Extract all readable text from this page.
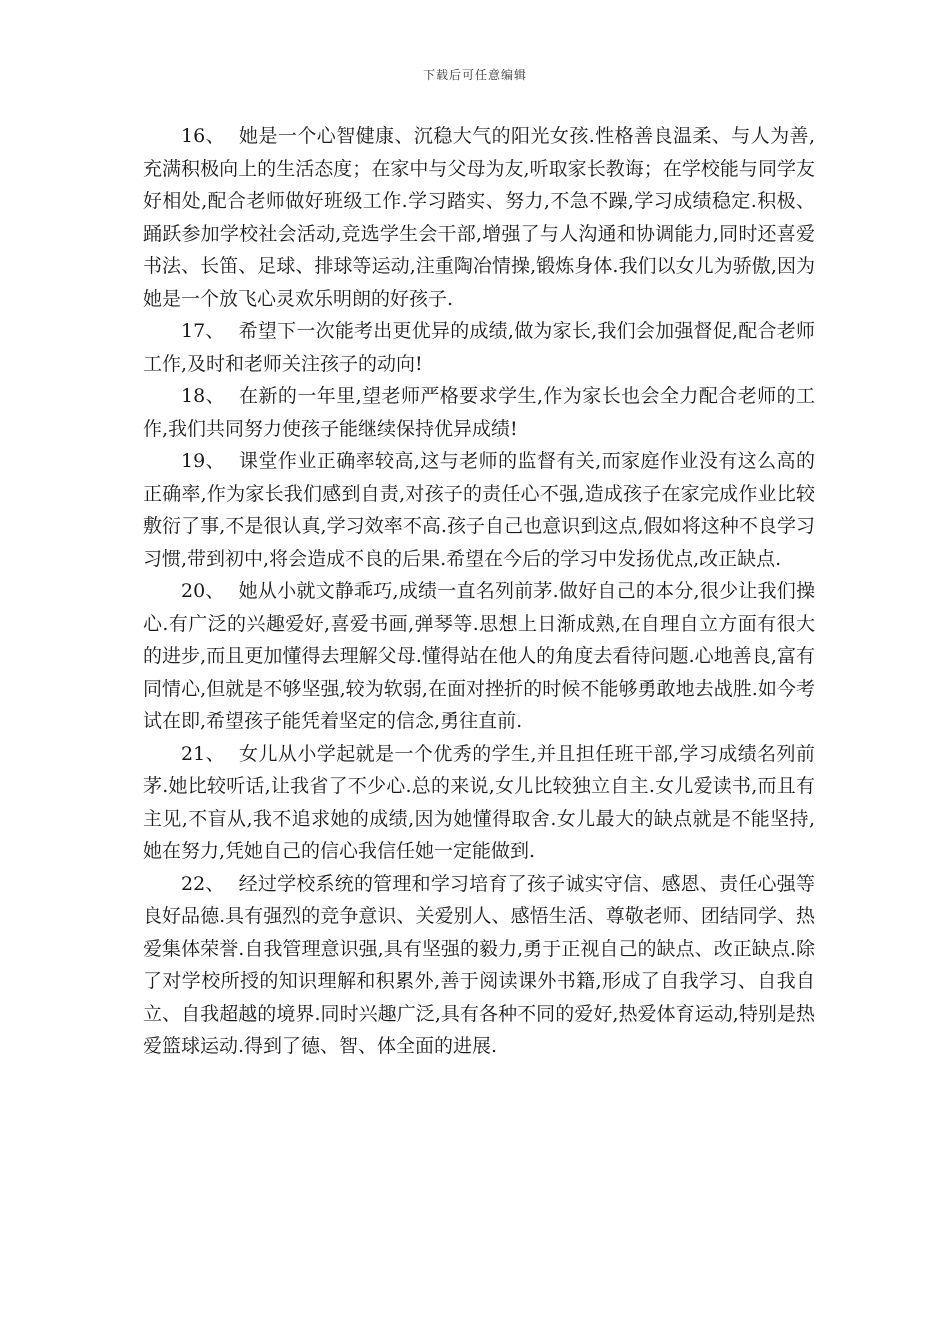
下载后可任意编辑

16、 她是一个心智健康、沉稳大气的阳光女孩.性格善良温柔、与人为善,充满积极向上的生活态度；在家中与父母为友,听取家长教诲；在学校能与同学友好相处,配合老师做好班级工作.学习踏实、努力,不急不躁,学习成绩稳定.积极、踊跃参加学校社会活动,竞选学生会干部,增强了与人沟通和协调能力,同时还喜爱书法、长笛、足球、排球等运动,注重陶冶情操,锻炼身体.我们以女儿为骄傲,因为她是一个放飞心灵欢乐明朗的好孩子.

17、 希望下一次能考出更优异的成绩,做为家长,我们会加强督促,配合老师工作,及时和老师关注孩子的动向!

18、 在新的一年里,望老师严格要求学生,作为家长也会全力配合老师的工作,我们共同努力使孩子能继续保持优异成绩!

19、 课堂作业正确率较高,这与老师的监督有关,而家庭作业没有这么高的正确率,作为家长我们感到自责,对孩子的责任心不强,造成孩子在家完成作业比较敷衍了事,不是很认真,学习效率不高.孩子自己也意识到这点,假如将这种不良学习习惯,带到初中,将会造成不良的后果.希望在今后的学习中发扬优点,改正缺点.

20、 她从小就文静乖巧,成绩一直名列前茅.做好自己的本分,很少让我们操心.有广泛的兴趣爱好,喜爱书画,弹琴等.思想上日渐成熟,在自理自立方面有很大的进步,而且更加懂得去理解父母.懂得站在他人的角度去看待问题.心地善良,富有同情心,但就是不够坚强,较为软弱,在面对挫折的时候不能够勇敢地去战胜.如今考试在即,希望孩子能凭着坚定的信念,勇往直前.

21、 女儿从小学起就是一个优秀的学生,并且担任班干部,学习成绩名列前茅.她比较听话,让我省了不少心.总的来说,女儿比较独立自主.女儿爱读书,而且有主见,不盲从,我不追求她的成绩,因为她懂得取舍.女儿最大的缺点就是不能坚持,她在努力,凭她自己的信心我信任她一定能做到.

22、 经过学校系统的管理和学习培育了孩子诚实守信、感恩、责任心强等良好品德.具有强烈的竞争意识、关爱别人、感悟生活、尊敬老师、团结同学、热爱集体荣誉.自我管理意识强,具有坚强的毅力,勇于正视自己的缺点、改正缺点.除了对学校所授的知识理解和积累外,善于阅读课外书籍,形成了自我学习、自我自立、自我超越的境界.同时兴趣广泛,具有各种不同的爱好,热爱体育运动,特别是热爱篮球运动.得到了德、智、体全面的进展.
